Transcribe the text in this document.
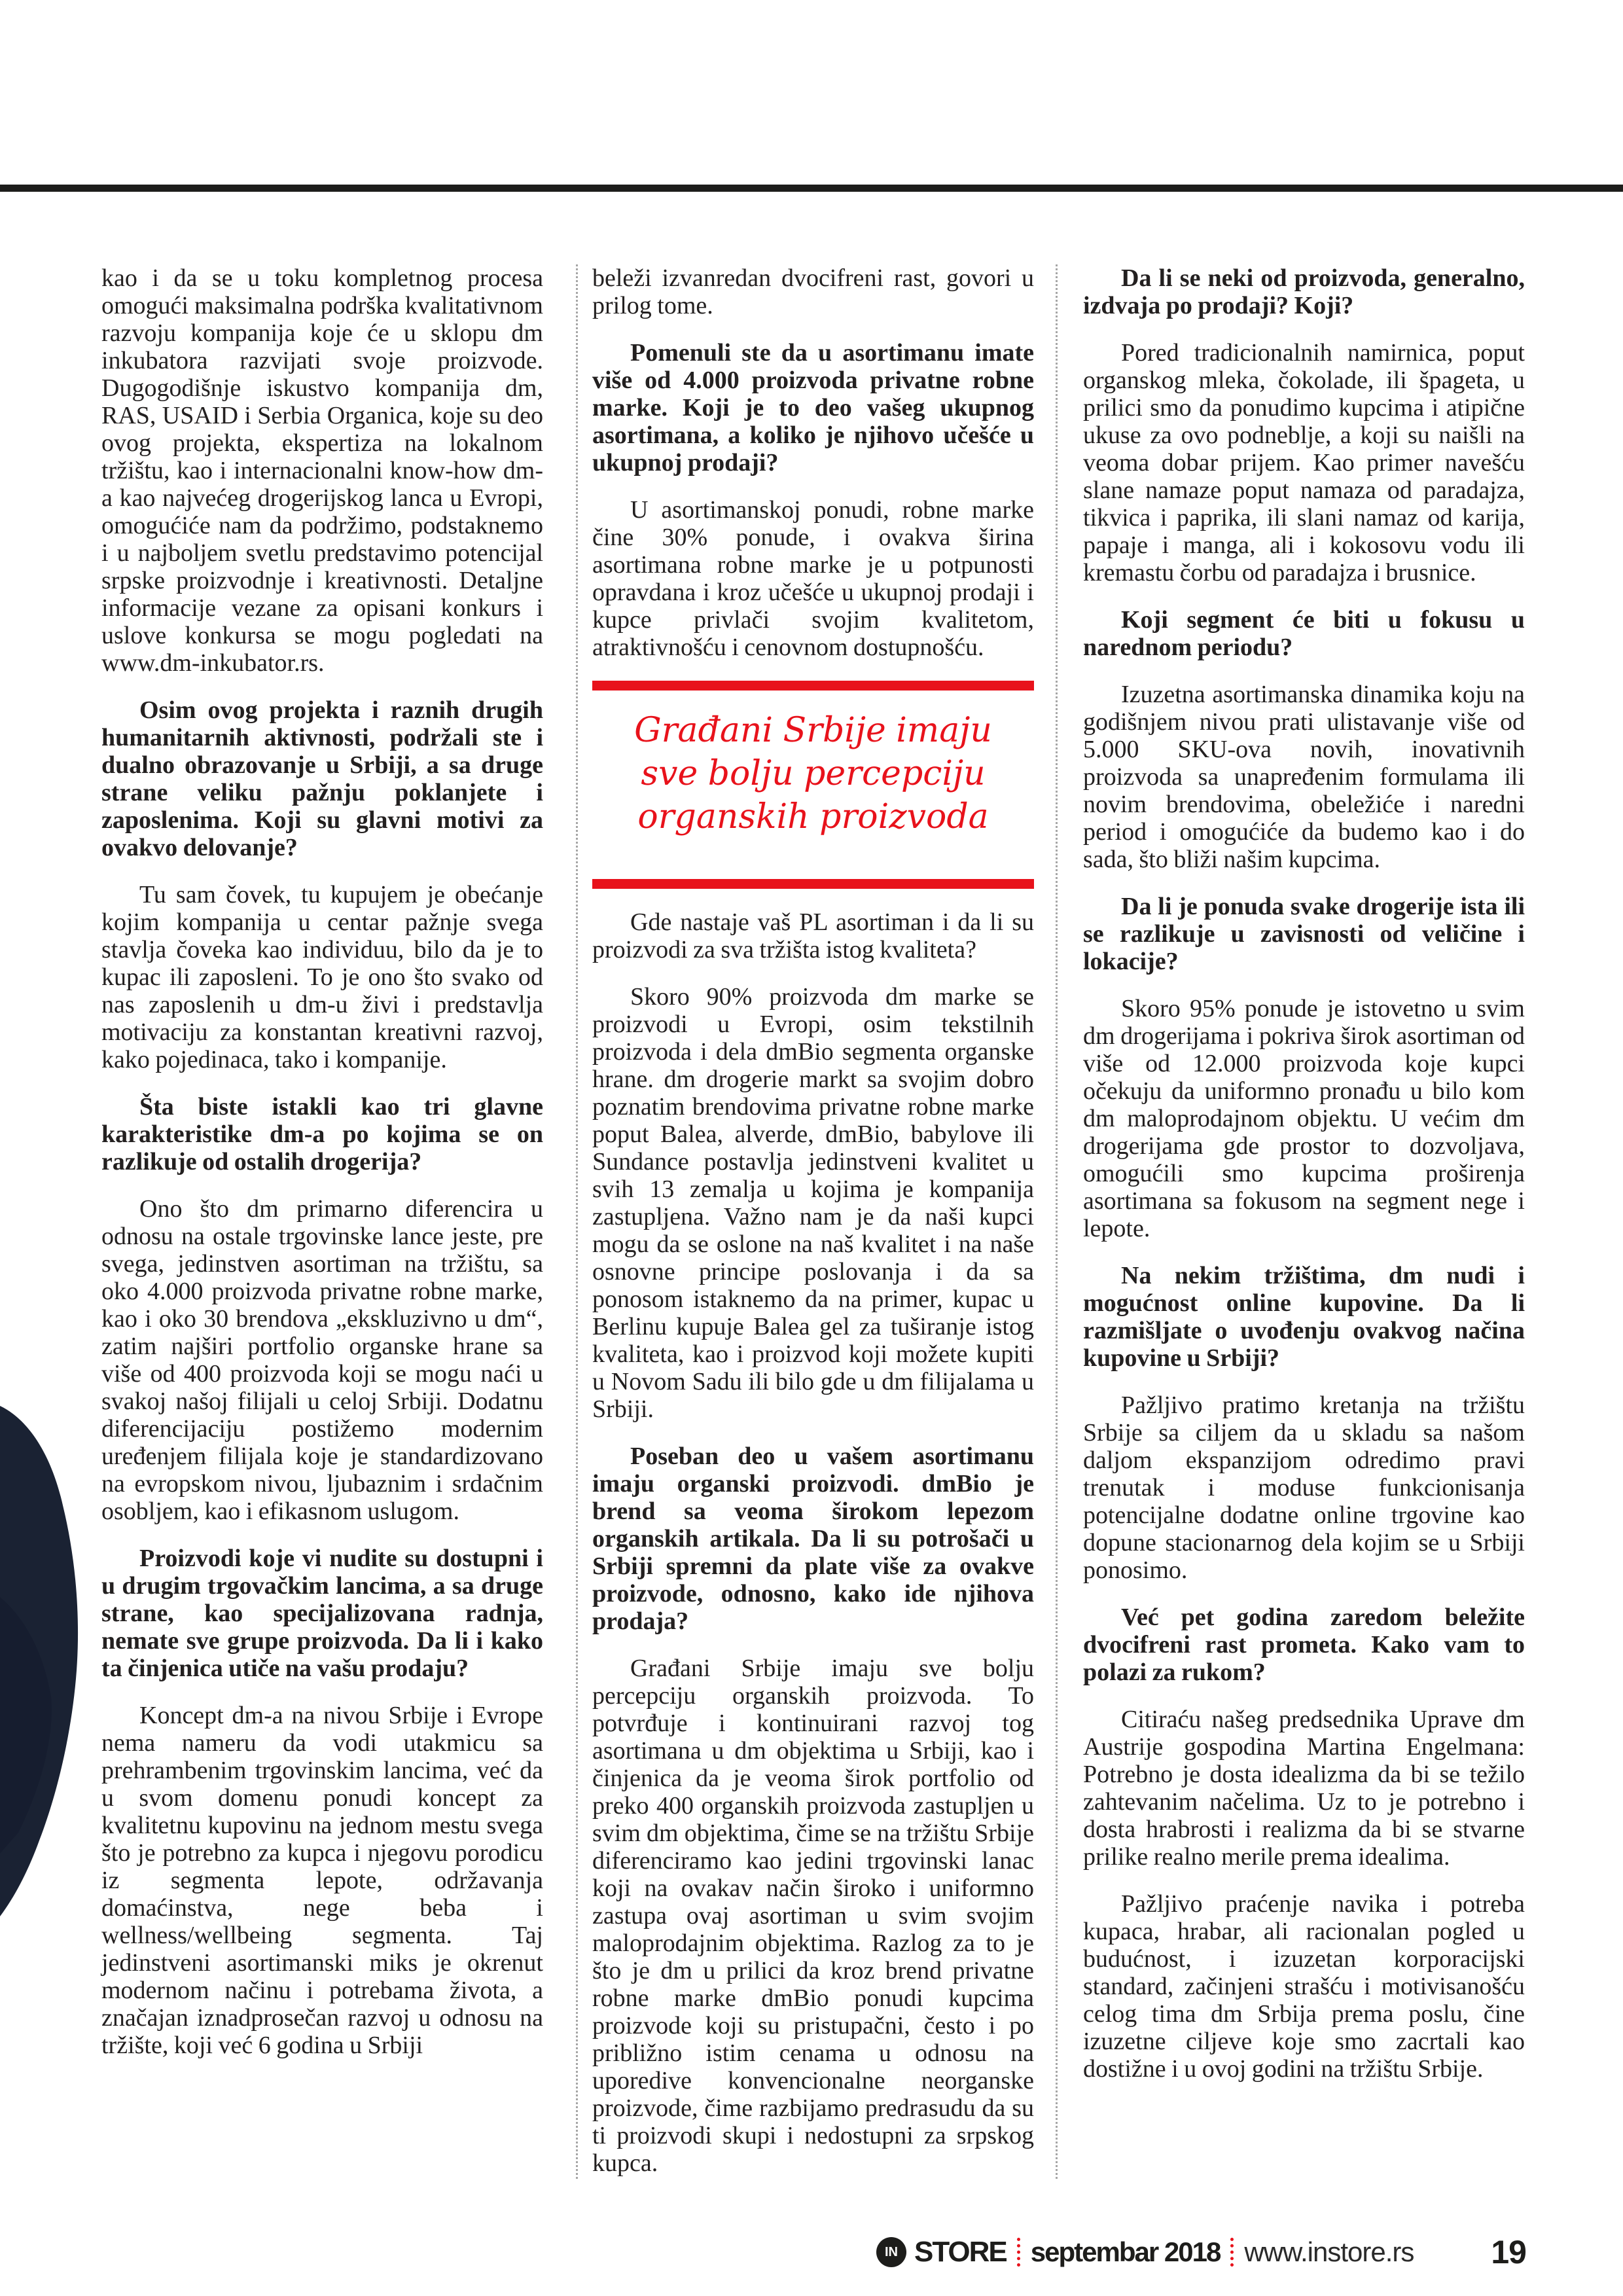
kao i da se u toku kompletnog procesa omogući maksimalna podrška kvalitativnom razvoju kompanija koje će u sklopu dm inkubatora razvijati svoje proizvode. Dugogodišnje iskustvo kompanija dm, RAS, USAID i Serbia Organica, koje su deo ovog projekta, ekspertiza na lokalnom tržištu, kao i internacionalni know-how dm-a kao najvećeg drogerijskog lanca u Evropi, omogućiće nam da podržimo, podstaknemo i u najboljem svetlu predstavimo potencijal srpske proizvodnje i kreativnosti. Detaljne informacije vezane za opisani konkurs i uslove konkursa se mogu pogledati na www.dm-inkubator.rs.
Osim ovog projekta i raznih drugih humanitarnih aktivnosti, podržali ste i dualno obrazovanje u Srbiji, a sa druge strane veliku pažnju poklanjete i zaposlenima. Koji su glavni motivi za ovakvo delovanje?
Tu sam čovek, tu kupujem je obećanje kojim kompanija u centar pažnje svega stavlja čoveka kao individuu, bilo da je to kupac ili zaposleni. To je ono što svako od nas zaposlenih u dm-u živi i predstavlja motivaciju za konstantan kreativni razvoj, kako pojedinaca, tako i kompanije.
Šta biste istakli kao tri glavne karakteristike dm-a po kojima se on razlikuje od ostalih drogerija?
Ono što dm primarno diferencira u odnosu na ostale trgovinske lance jeste, pre svega, jedinstven asortiman na tržištu, sa oko 4.000 proizvoda privatne robne marke, kao i oko 30 brendova „ekskluzivno u dm“, zatim najširi portfolio organske hrane sa više od 400 proizvoda koji se mogu naći u svakoj našoj filijali u celoj Srbiji. Dodatnu diferencijaciju postižemo modernim uređenjem filijala koje je standardizovano na evropskom nivou, ljubaznim i srdačnim osobljem, kao i efikasnom uslugom.
Proizvodi koje vi nudite su dostupni i u drugim trgovačkim lancima, a sa druge strane, kao specijalizovana radnja, nemate sve grupe proizvoda. Da li i kako ta činjenica utiče na vašu prodaju?
Koncept dm-a na nivou Srbije i Evrope nema nameru da vodi utakmicu sa prehrambenim trgovinskim lancima, već da u svom domenu ponudi koncept za kvalitetnu kupovinu na jednom mestu svega što je potrebno za kupca i njegovu porodicu iz segmenta lepote, održavanja domaćinstva, nege beba i wellness/wellbeing segmenta. Taj jedinstveni asortimanski miks je okrenut modernom načinu i potrebama života, a značajan iznadprosečan razvoj u odnosu na tržište, koji već 6 godina u Srbiji
beleži izvanredan dvocifreni rast, govori u prilog tome.
Pomenuli ste da u asortimanu imate više od 4.000 proizvoda privatne robne marke. Koji je to deo vašeg ukupnog asortimana, a koliko je njihovo učešće u ukupnoj prodaji?
U asortimanskoj ponudi, robne marke čine 30% ponude, i ovakva širina asortimana robne marke je u potpunosti opravdana i kroz učešće u ukupnoj prodaji i kupce privlači svojim kvalitetom, atraktivnošću i cenovnom dostupnošću.
Građani Srbije imaju sve bolju percepciju organskih proizvoda
Gde nastaje vaš PL asortiman i da li su proizvodi za sva tržišta istog kvaliteta?
Skoro 90% proizvoda dm marke se proizvodi u Evropi, osim tekstilnih proizvoda i dela dmBio segmenta organske hrane. dm drogerie markt sa svojim dobro poznatim brendovima privatne robne marke poput Balea, alverde, dmBio, babylove ili Sundance postavlja jedinstveni kvalitet u svih 13 zemalja u kojima je kompanija zastupljena. Važno nam je da naši kupci mogu da se oslone na naš kvalitet i na naše osnovne principe poslovanja i da sa ponosom istaknemo da na primer, kupac u Berlinu kupuje Balea gel za tuširanje istog kvaliteta, kao i proizvod koji možete kupiti u Novom Sadu ili bilo gde u dm filijalama u Srbiji.
Poseban deo u vašem asortimanu imaju organski proizvodi. dmBio je brend sa veoma širokom lepezom organskih artikala. Da li su potrošači u Srbiji spremni da plate više za ovakve proizvode, odnosno, kako ide njihova prodaja?
Građani Srbije imaju sve bolju percepciju organskih proizvoda. To potvrđuje i kontinuirani razvoj tog asortimana u dm objektima u Srbiji, kao i činjenica da je veoma širok portfolio od preko 400 organskih proizvoda zastupljen u svim dm objektima, čime se na tržištu Srbije diferenciramo kao jedini trgovinski lanac koji na ovakav način široko i uniformno zastupa ovaj asortiman u svim svojim maloprodajnim objektima. Razlog za to je što je dm u prilici da kroz brend privatne robne marke dmBio ponudi kupcima proizvode koji su pristupačni, često i po približno istim cenama u odnosu na uporedive konvencionalne neorganske proizvode, čime razbijamo predrasudu da su ti proizvodi skupi i nedostupni za srpskog kupca.
Da li se neki od proizvoda, generalno, izdvaja po prodaji? Koji?
Pored tradicionalnih namirnica, poput organskog mleka, čokolade, ili špageta, u prilici smo da ponudimo kupcima i atipične ukuse za ovo podneblje, a koji su naišli na veoma dobar prijem. Kao primer navešću slane namaze poput namaza od paradajza, tikvica i paprika, ili slani namaz od karija, papaje i manga, ali i kokosovu vodu ili kremastu čorbu od paradajza i brusnice.
Koji segment će biti u fokusu u narednom periodu?
Izuzetna asortimanska dinamika koju na godišnjem nivou prati ulistavanje više od 5.000 SKU-ova novih, inovativnih proizvoda sa unapređenim formulama ili novim brendovima, obeležiće i naredni period i omogućiće da budemo kao i do sada, što bliži našim kupcima.
Da li je ponuda svake drogerije ista ili se razlikuje u zavisnosti od veličine i lokacije?
Skoro 95% ponude je istovetno u svim dm drogerijama i pokriva širok asortiman od više od 12.000 proizvoda koje kupci očekuju da uniformno pronađu u bilo kom dm maloprodajnom objektu. U većim dm drogerijama gde prostor to dozvoljava, omogućili smo kupcima proširenja asortimana sa fokusom na segment nege i lepote.
Na nekim tržištima, dm nudi i mogućnost online kupovine. Da li razmišljate o uvođenju ovakvog načina kupovine u Srbiji?
Pažljivo pratimo kretanja na tržištu Srbije sa ciljem da u skladu sa našom daljom ekspanzijom odredimo pravi trenutak i moduse funkcionisanja potencijalne dodatne online trgovine kao dopune stacionarnog dela kojim se u Srbiji ponosimo.
Već pet godina zaredom beležite dvocifreni rast prometa. Kako vam to polazi za rukom?
Citiraću našeg predsednika Uprave dm Austrije gospodina Martina Engelmana: Potrebno je dosta idealizma da bi se težilo zahtevanim načelima. Uz to je potrebno i dosta hrabrosti i realizma da bi se stvarne prilike realno merile prema idealima.
Pažljivo praćenje navika i potreba kupaca, hrabar, ali racionalan pogled u budućnost, i izuzetan korporacijski standard, začinjeni strašću i motivisanošću celog tima dm Srbija prema poslu, čine izuzetne ciljeve koje smo zacrtali kao dostižne i u ovoj godini na tržištu Srbije.
IN STORE septembar 2018 www.instore.rs 19
